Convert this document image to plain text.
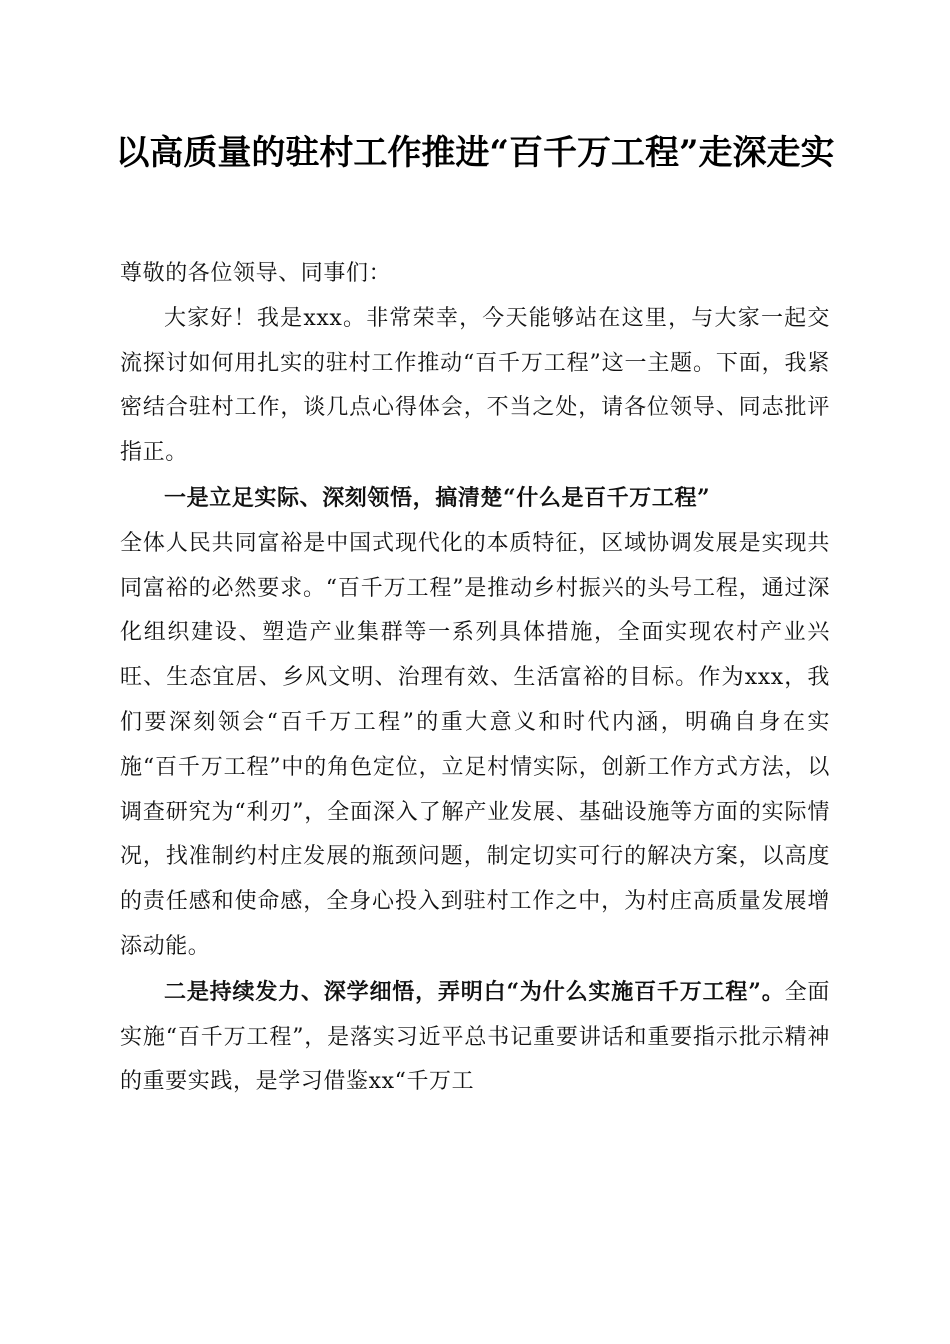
以高质量的驻村工作推进“百千万工程”走深走实

尊敬的各位领导、同事们：

大家好！我是xxx。非常荣幸，今天能够站在这里，与大家一起交流探讨如何用扎实的驻村工作推动“百千万工程”这一主题。下面，我紧密结合驻村工作，谈几点心得体会，不当之处，请各位领导、同志批评指正。

一是立足实际、深刻领悟，搞清楚“什么是百千万工程”

全体人民共同富裕是中国式现代化的本质特征，区域协调发展是实现共同富裕的必然要求。“百千万工程”是推动乡村振兴的头号工程，通过深化组织建设、塑造产业集群等一系列具体措施，全面实现农村产业兴旺、生态宜居、乡风文明、治理有效、生活富裕的目标。作为xxx，我们要深刻领会“百千万工程”的重大意义和时代内涵，明确自身在实施“百千万工程”中的角色定位，立足村情实际，创新工作方式方法，以调查研究为“利刃”，全面深入了解产业发展、基础设施等方面的实际情况，找准制约村庄发展的瓶颈问题，制定切实可行的解决方案，以高度的责任感和使命感，全身心投入到驻村工作之中，为村庄高质量发展增添动能。

二是持续发力、深学细悟，弄明白“为什么实施百千万工程”。全面实施“百千万工程”，是落实习近平总书记重要讲话和重要指示批示精神的重要实践，是学习借鉴xx“千万工
